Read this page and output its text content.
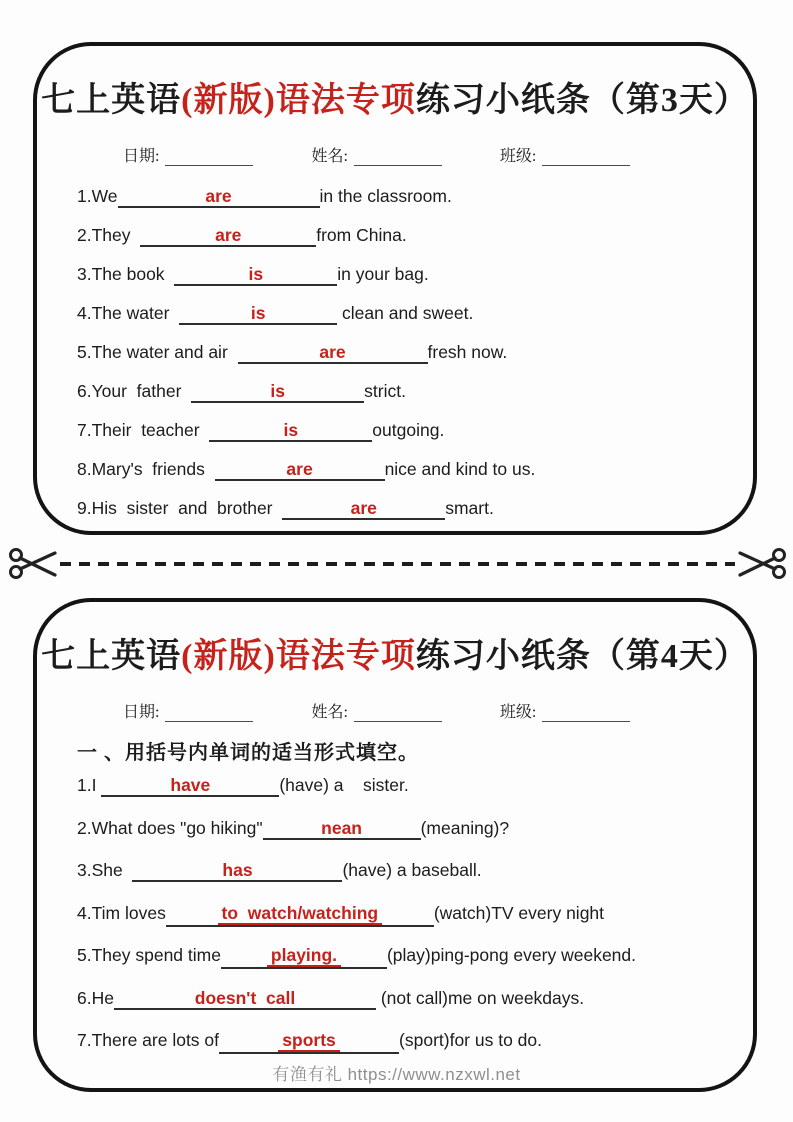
七上英语(新版)语法专项练习小纸条（第3天）
日期:	姓名:	班级:
1.We	are	in the classroom.
2.They	are	from China.
3.The book	is	in your bag.
4.The water	is	clean and sweet.
5.The water and air	are	fresh now.
6.Your  father	is	strict.
7.Their  teacher	is	outgoing.
8.Mary's  friends	are	nice and kind to us.
9.His  sister  and  brother	are	smart.
七上英语(新版)语法专项练习小纸条（第4天）
日期:	姓名:	班级:
一 、用括号内单词的适当形式填空。
1.I	have	(have) a    sister.
2.What does "go hiking"	nean	(meaning)?
3.She	has	(have) a baseball.
4.Tim loves	to  watch/watching	(watch)TV every night
5.They spend time	playing.	(play)ping-pong every weekend.
6.He	doesn't  call	(not call)me on weekdays.
7.There are lots of	sports	(sport)for us to do.
有渔有礼 https://www.nzxwl.net
